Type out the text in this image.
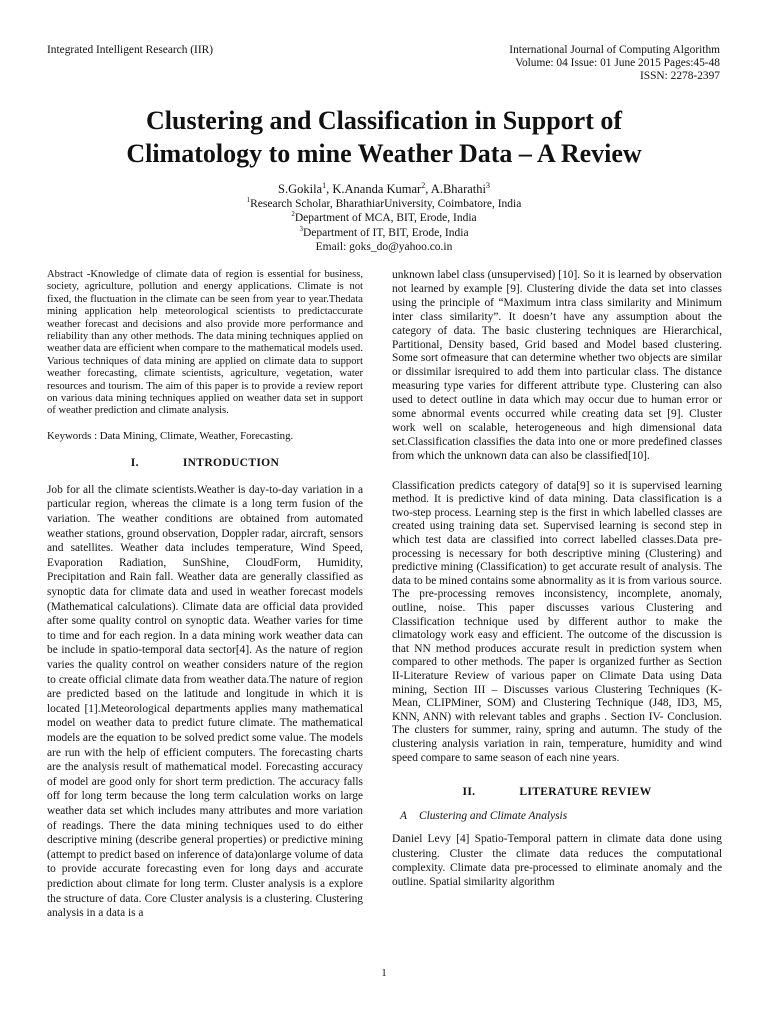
Integrated Intelligent Research (IIR)	International Journal of Computing Algorithm
Volume: 04 Issue: 01 June 2015 Pages:45-48
ISSN: 2278-2397
Clustering and Classification in Support of
Climatology to mine Weather Data – A Review
S.Gokila$^1$, K.Ananda Kumar$^2$, A.Bharathi$^3$
$^1$Research Scholar, BharathiarUniversity, Coimbatore, India
$^2$Department of MCA, BIT, Erode, India
$^3$Department of IT, BIT, Erode, India
Email: goks_do@yahoo.co.in

Abstract -Knowledge of climate data of region is essential for business, society, agriculture, pollution and energy applications. Climate is not fixed, the fluctuation in the climate can be seen from year to year.Thedata mining application help meteorological scientists to predictaccurate weather forecast and decisions and also provide more performance and reliability than any other methods. The data mining techniques applied on weather data are efficient when compare to the mathematical models used. Various techniques of data mining are applied on climate data to support weather forecasting, climate scientists, agriculture, vegetation, water resources and tourism. The aim of this paper is to provide a review report on various data mining techniques applied on weather data set in support of weather prediction and climate analysis.

Keywords : Data Mining, Climate, Weather, Forecasting.

I.	INTRODUCTION

Job for all the climate scientists.Weather is day-to-day variation in a particular region, whereas the climate is a long term fusion of the variation. The weather conditions are obtained from automated weather stations, ground observation, Doppler radar, aircraft, sensors and satellites. Weather data includes temperature, Wind Speed, Evaporation Radiation, SunShine, CloudForm, Humidity, Precipitation and Rain fall. Weather data are generally classified as synoptic data for climate data and used in weather forecast models (Mathematical calculations). Climate data are official data provided after some quality control on synoptic data. Weather varies for time to time and for each region. In a data mining work weather data can be include in spatio-temporal data sector[4]. As the nature of region varies the quality control on weather considers nature of the region to create official climate data from weather data.The nature of region are predicted based on the latitude and longitude in which it is located [1].Meteorological departments applies many mathematical model on weather data to predict future climate. The mathematical models are the equation to be solved predict some value. The models are run with the help of efficient computers. The forecasting charts are the analysis result of mathematical model. Forecasting accuracy of model are good only for short term prediction. The accuracy falls off for long term because the long term calculation works on large weather data set which includes many attributes and more variation of readings. There the data mining techniques used to do either descriptive mining (describe general properties) or predictive mining (attempt to predict based on inference of data)onlarge volume of data to provide accurate forecasting even for long days and accurate prediction about climate for long term. Cluster analysis is a explore the structure of data. Core Cluster analysis is a clustering. Clustering analysis in a data is a

unknown label class (unsupervised) [10]. So it is learned by observation not learned by example [9]. Clustering divide the data set into classes using the principle of “Maximum intra class similarity and Minimum inter class similarity”. It doesn’t have any assumption about the category of data. The basic clustering techniques are Hierarchical, Partitional, Density based, Grid based and Model based clustering. Some sort ofmeasure that can determine whether two objects are similar or dissimilar isrequired to add them into particular class. The distance measuring type varies for different attribute type. Clustering can also used to detect outline in data which may occur due to human error or some abnormal events occurred while creating data set [9]. Cluster work well on scalable, heterogeneous and high dimensional data set.Classification classifies the data into one or more predefined classes from which the unknown data can also be classified[10].

Classification predicts category of data[9] so it is supervised learning method. It is predictive kind of data mining. Data classification is a two-step process. Learning step is the first in which labelled classes are created using training data set. Supervised learning is second step in which test data are classified into correct labelled classes.Data pre-processing is necessary for both descriptive mining (Clustering) and predictive mining (Classification) to get accurate result of analysis. The data to be mined contains some abnormality as it is from various source. The pre-processing removes inconsistency, incomplete, anomaly, outline, noise. This paper discusses various Clustering and Classification technique used by different author to make the climatology work easy and efficient. The outcome of the discussion is that NN method produces accurate result in prediction system when compared to other methods. The paper is organized further as Section II-Literature Review of various paper on Climate Data using Data mining, Section III – Discusses various Clustering Techniques (K- Mean, CLIPMiner, SOM) and Clustering Technique (J48, ID3, M5, KNN, ANN) with relevant tables and graphs . Section IV- Conclusion. The clusters for summer, rainy, spring and autumn. The study of the clustering analysis variation in rain, temperature, humidity and wind speed compare to same season of each nine years.

II.	LITERATURE REVIEW
A Clustering and Climate Analysis

Daniel Levy [4] Spatio-Temporal pattern in climate data done using clustering. Cluster the climate data reduces the computational complexity. Climate data pre-processed to eliminate anomaly and the outline. Spatial similarity algorithm

1
